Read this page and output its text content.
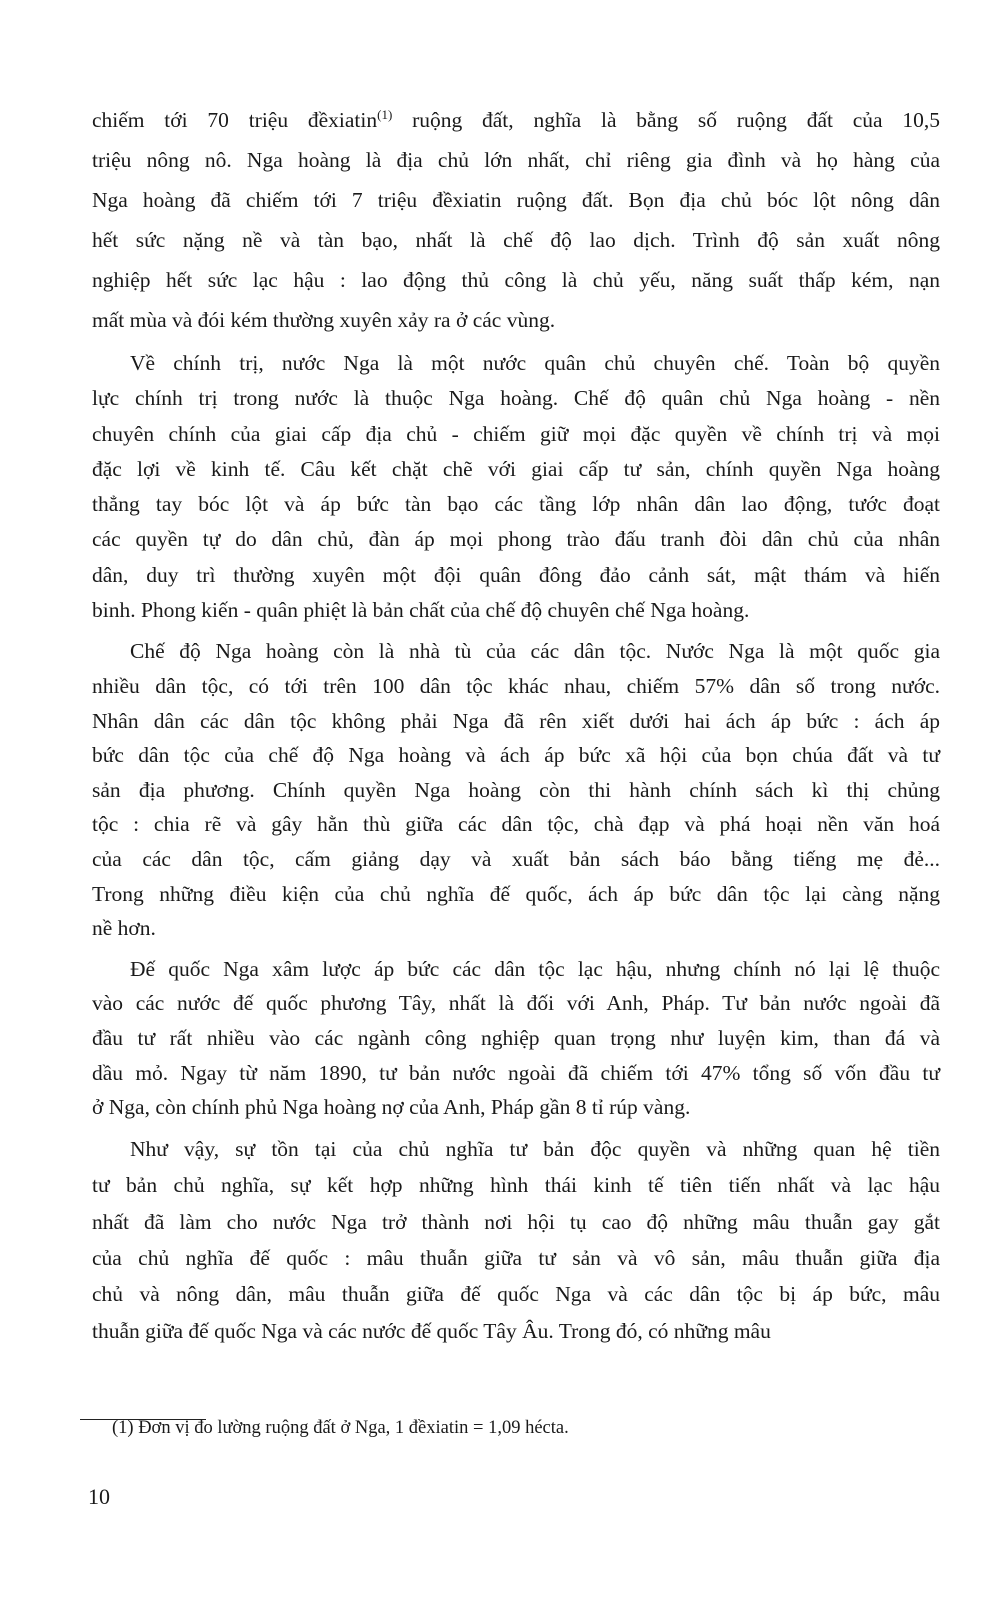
chiếm tới 70 triệu đềxiatin$^{(1)}$ ruộng đất, nghĩa là bằng số ruộng đất của 10,5
triệu nông nô. Nga hoàng là địa chủ lớn nhất, chỉ riêng gia đình và họ hàng của
Nga hoàng đã chiếm tới 7 triệu đềxiatin ruộng đất. Bọn địa chủ bóc lột nông dân
hết sức nặng nề và tàn bạo, nhất là chế độ lao dịch. Trình độ sản xuất nông
nghiệp hết sức lạc hậu : lao động thủ công là chủ yếu, năng suất thấp kém, nạn
mất mùa và đói kém thường xuyên xảy ra ở các vùng.
Về chính trị, nước Nga là một nước quân chủ chuyên chế. Toàn bộ quyền
lực chính trị trong nước là thuộc Nga hoàng. Chế độ quân chủ Nga hoàng - nền
chuyên chính của giai cấp địa chủ - chiếm giữ mọi đặc quyền về chính trị và mọi
đặc lợi về kinh tế. Câu kết chặt chẽ với giai cấp tư sản, chính quyền Nga hoàng
thẳng tay bóc lột và áp bức tàn bạo các tầng lớp nhân dân lao động, tước đoạt
các quyền tự do dân chủ, đàn áp mọi phong trào đấu tranh đòi dân chủ của nhân
dân, duy trì thường xuyên một đội quân đông đảo cảnh sát, mật thám và hiến
binh. Phong kiến - quân phiệt là bản chất của chế độ chuyên chế Nga hoàng.
Chế độ Nga hoàng còn là nhà tù của các dân tộc. Nước Nga là một quốc gia
nhiều dân tộc, có tới trên 100 dân tộc khác nhau, chiếm 57% dân số trong nước.
Nhân dân các dân tộc không phải Nga đã rên xiết dưới hai ách áp bức : ách áp
bức dân tộc của chế độ Nga hoàng và ách áp bức xã hội của bọn chúa đất và tư
sản địa phương. Chính quyền Nga hoàng còn thi hành chính sách kì thị chủng
tộc : chia rẽ và gây hằn thù giữa các dân tộc, chà đạp và phá hoại nền văn hoá
của các dân tộc, cấm giảng dạy và xuất bản sách báo bằng tiếng mẹ đẻ...
Trong những điều kiện của chủ nghĩa đế quốc, ách áp bức dân tộc lại càng nặng
nề hơn.
Đế quốc Nga xâm lược áp bức các dân tộc lạc hậu, nhưng chính nó lại lệ thuộc
vào các nước đế quốc phương Tây, nhất là đối với Anh, Pháp. Tư bản nước ngoài đã
đầu tư rất nhiều vào các ngành công nghiệp quan trọng như luyện kim, than đá và
dầu mỏ. Ngay từ năm 1890, tư bản nước ngoài đã chiếm tới 47% tổng số vốn đầu tư
ở Nga, còn chính phủ Nga hoàng nợ của Anh, Pháp gần 8 tỉ rúp vàng.
Như vậy, sự tồn tại của chủ nghĩa tư bản độc quyền và những quan hệ tiền
tư bản chủ nghĩa, sự kết hợp những hình thái kinh tế tiên tiến nhất và lạc hậu
nhất đã làm cho nước Nga trở thành nơi hội tụ cao độ những mâu thuẫn gay gắt
của chủ nghĩa đế quốc : mâu thuẫn giữa tư sản và vô sản, mâu thuẫn giữa địa
chủ và nông dân, mâu thuẫn giữa đế quốc Nga và các dân tộc bị áp bức, mâu
thuẫn giữa đế quốc Nga và các nước đế quốc Tây Âu. Trong đó, có những mâu
(1) Đơn vị đo lường ruộng đất ở Nga, 1 đềxiatin = 1,09 hécta.
10
